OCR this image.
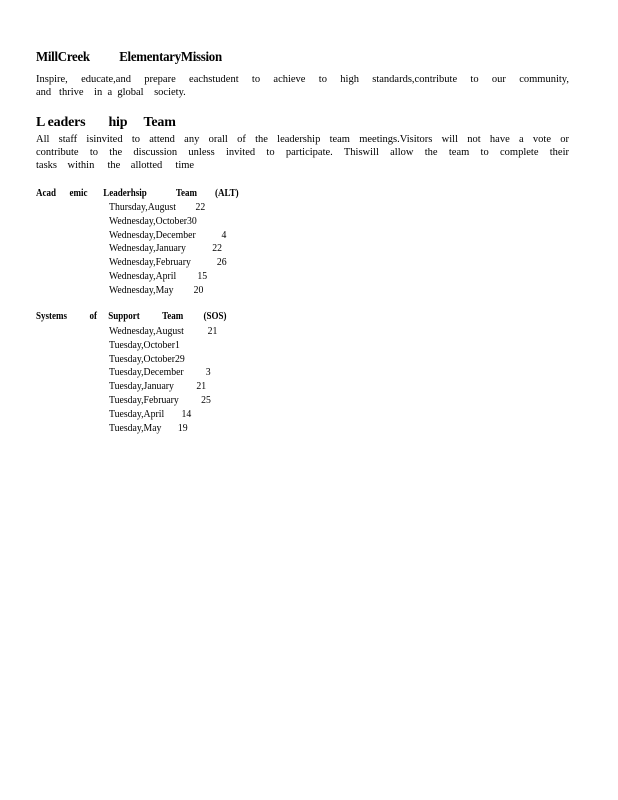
MillCreek          ElementaryMission
Inspire, educate,and prepare eachstudent to achieve to high standards,contribute to our community,
and   thrive    in  a  global    society.
L eaders       hip     Team
All staff isinvited to attend any orall of the leadership team meetings.Visitors will not have a vote or
contribute to the discussion unless invited to participate. Thiswill allow the team to complete their
tasks    within     the    allotted     time
Acad      emic       Leaderhsip             Team        (ALT)
Thursday,August 22
Wednesday,October30
Wednesday,December 4
Wednesday,January	22
Wednesday,February 26
Wednesday,April 15
Wednesday,May 20
Systems          of     Support          Team         (SOS)
Wednesday,August 21
Tuesday,October1
Tuesday,October29
Tuesday,December 3
Tuesday,January 21
Tuesday,February 25
Tuesday,April 14
Tuesday,May 19
